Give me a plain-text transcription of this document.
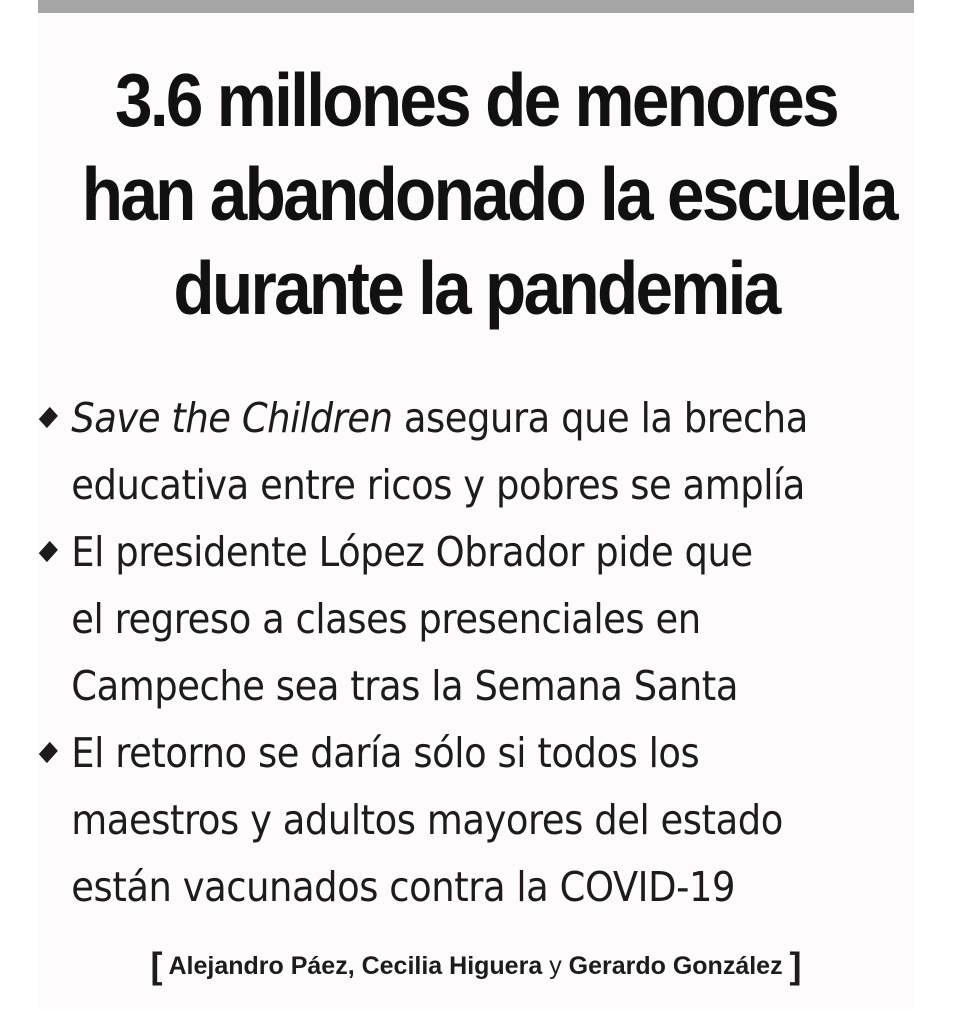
3.6 millones de menores
han abandonado la escuela
durante la pandemia
Save the Children asegura que la brecha
educativa entre ricos y pobres se amplía
El presidente López Obrador pide que
el regreso a clases presenciales en
Campeche sea tras la Semana Santa
El retorno se daría sólo si todos los
maestros y adultos mayores del estado
están vacunados contra la COVID-19
[ Alejandro Páez, Cecilia Higuera y Gerardo González ]
